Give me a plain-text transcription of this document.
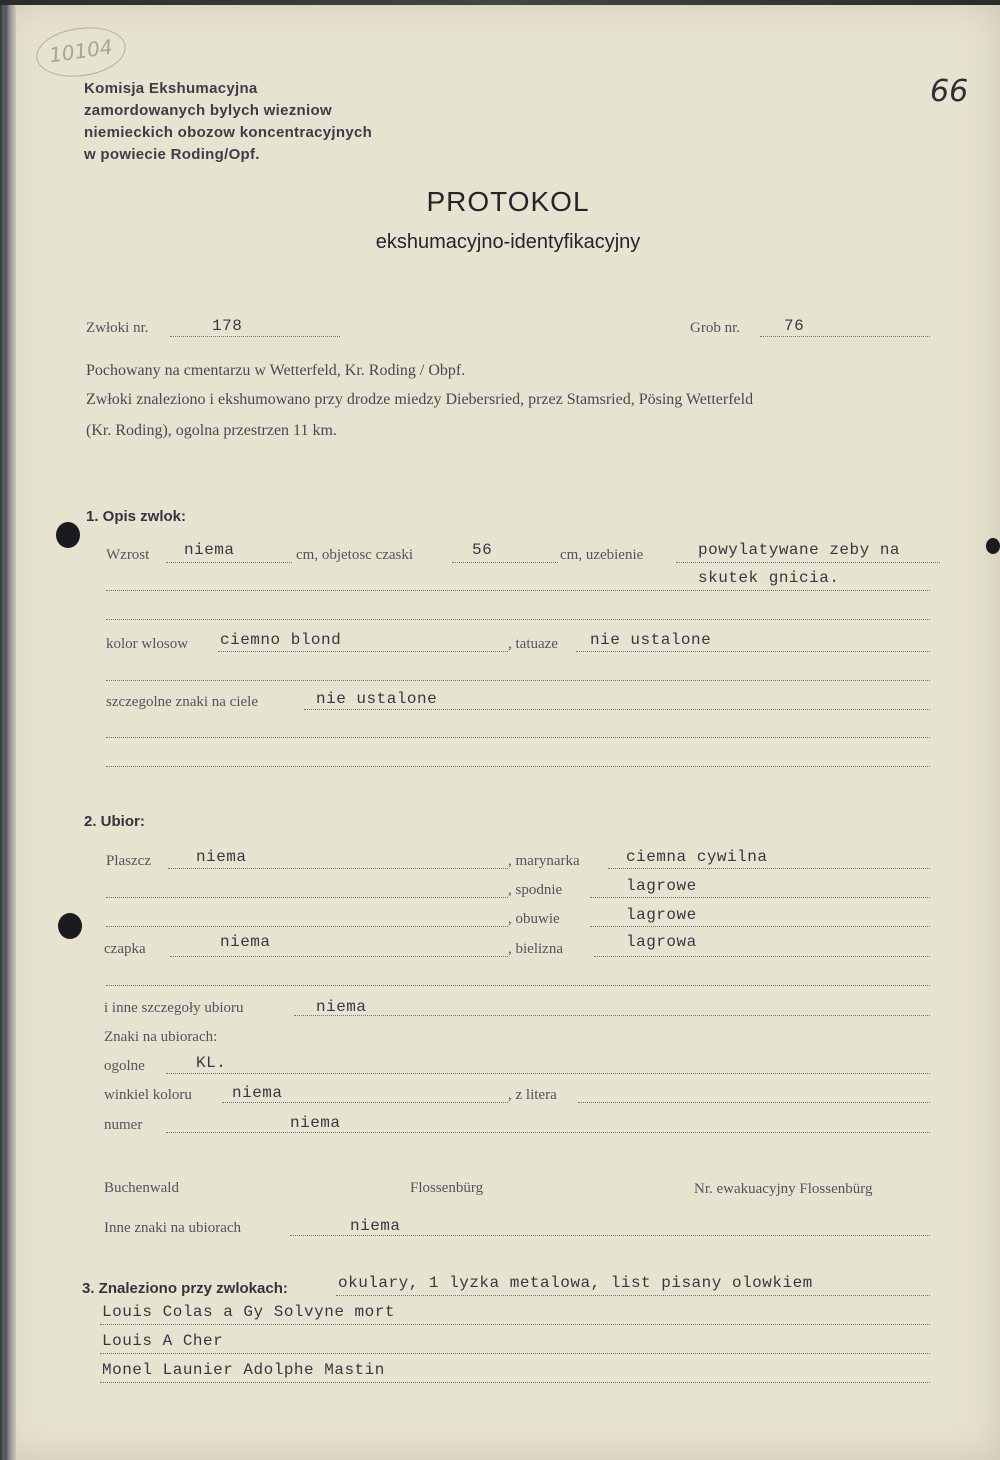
10104
66
Komisja Ekshumacyjna
zamordowanych bylych wiezniow
niemieckich obozow koncentracyjnych
w powiecie Roding/Opf.
PROTOKOL
ekshumacyjno-identyfikacyjny
Zwłoki nr.	178	Grob nr.	76
Pochowany na cmentarzu w Wetterfeld, Kr. Roding / Obpf.
Zwłoki znaleziono i ekshumowano przy drodze miedzy Diebersried, przez Stamsried, Pösing Wetterfeld
(Kr. Roding), ogolna przestrzen 11 km.
1. Opis zwlok:
Wzrost niema	cm, objetosc czaski	56	cm, uzebienie	powylatywane zeby na
skutek gnicia.
kolor wlosow ciemno blond	, tatuaze nie ustalone
szczegolne znaki na ciele	nie ustalone
2. Ubior:
Plaszcz	niema	, marynarka	ciemna cywilna
, spodnie	lagrowe
, obuwie	lagrowe
czapka	niema	, bielizna	lagrowa
i inne szczegoły ubioru	niema
Znaki na ubiorach:
ogolne	KL.
winkiel koloru	niema	, z litera
numer	niema
Buchenwald	Flossenbürg	Nr. ewakuacyjny Flossenbürg
Inne znaki na ubiorach	niema
3. Znaleziono przy zwlokach:	okulary, 1 lyzka metalowa, list pisany olowkiem
Louis Colas a Gy Solvyne mort
Louis A Cher
Monel Launier Adolphe Mastin
